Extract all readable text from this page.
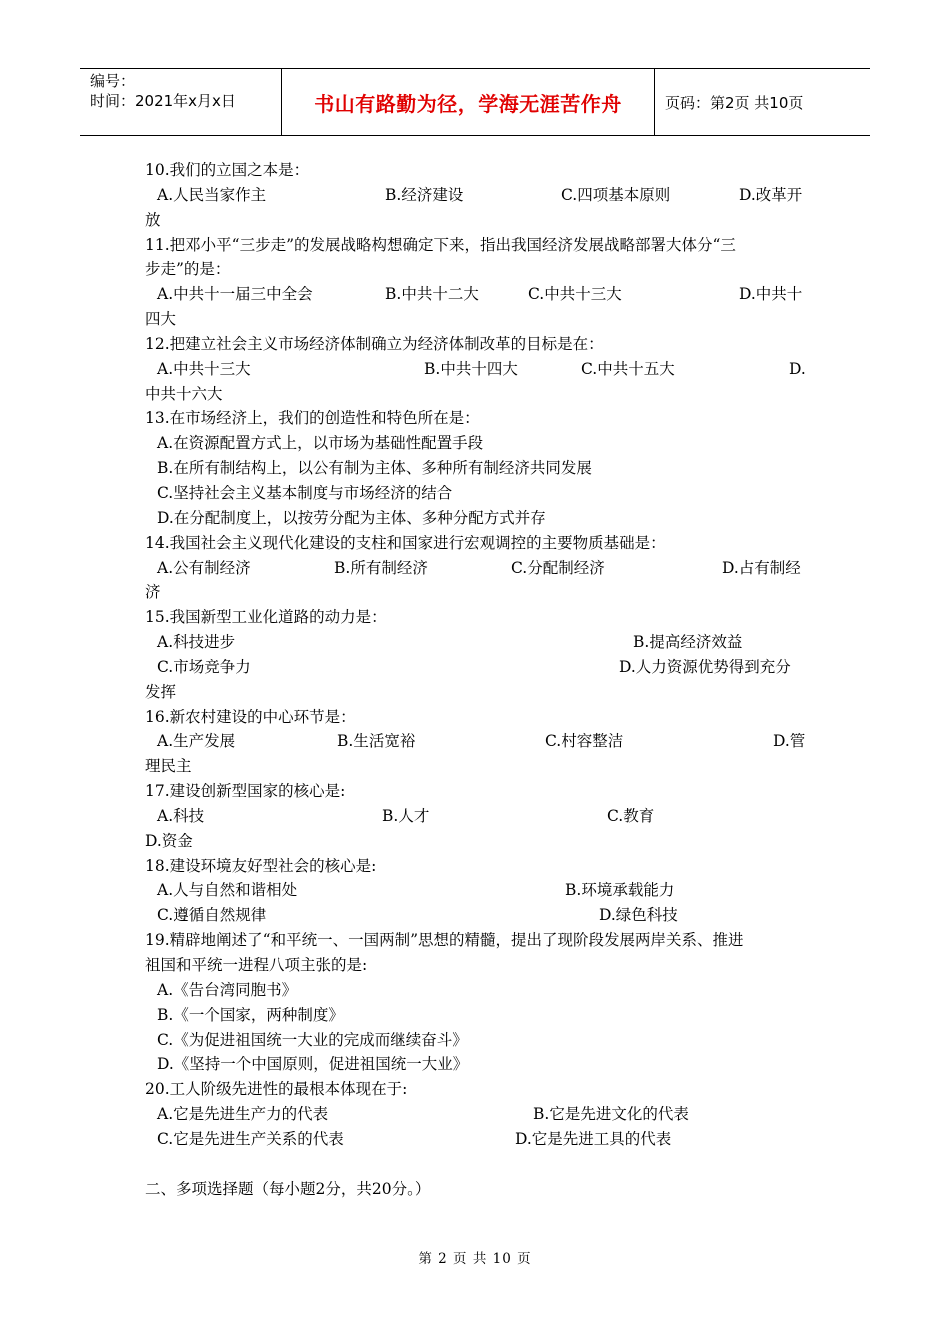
编号：
时间：2021年x月x日	书山有路勤为径，学海无涯苦作舟	页码：第2页 共10页
10.我们的立国之本是：
A.人民当家作主	B.经济建设	C.四项基本原则	D.改革开
放
11.把邓小平“三步走”的发展战略构想确定下来，指出我国经济发展战略部署大体分“三
步走”的是：
A.中共十一届三中全会	B.中共十二大	C.中共十三大	D.中共十
四大
12.把建立社会主义市场经济体制确立为经济体制改革的目标是在：
A.中共十三大	B.中共十四大	C.中共十五大	D.
中共十六大
13.在市场经济上，我们的创造性和特色所在是：
A.在资源配置方式上，以市场为基础性配置手段
B.在所有制结构上，以公有制为主体、多种所有制经济共同发展
C.坚持社会主义基本制度与市场经济的结合
D.在分配制度上，以按劳分配为主体、多种分配方式并存
14.我国社会主义现代化建设的支柱和国家进行宏观调控的主要物质基础是：
A.公有制经济	B.所有制经济	C.分配制经济	D.占有制经
济
15.我国新型工业化道路的动力是：
A.科技进步	B.提高经济效益
C.市场竞争力	D.人力资源优势得到充分
发挥
16.新农村建设的中心环节是：
A.生产发展	B.生活宽裕	C.村容整洁	D.管
理民主
17.建设创新型国家的核心是:
A.科技	B.人才	C.教育
D.资金
18.建设环境友好型社会的核心是:
A.人与自然和谐相处	B.环境承载能力
C.遵循自然规律	D.绿色科技
19.精辟地阐述了“和平统一、一国两制”思想的精髓，提出了现阶段发展两岸关系、推进
祖国和平统一进程八项主张的是:
A.《告台湾同胞书》
B.《一个国家，两种制度》
C.《为促进祖国统一大业的完成而继续奋斗》
D.《坚持一个中国原则，促进祖国统一大业》
20.工人阶级先进性的最根本体现在于:
A.它是先进生产力的代表	B.它是先进文化的代表
C.它是先进生产关系的代表	D.它是先进工具的代表
二、多项选择题（每小题2分，共20分。）
第 2 页 共 10 页
